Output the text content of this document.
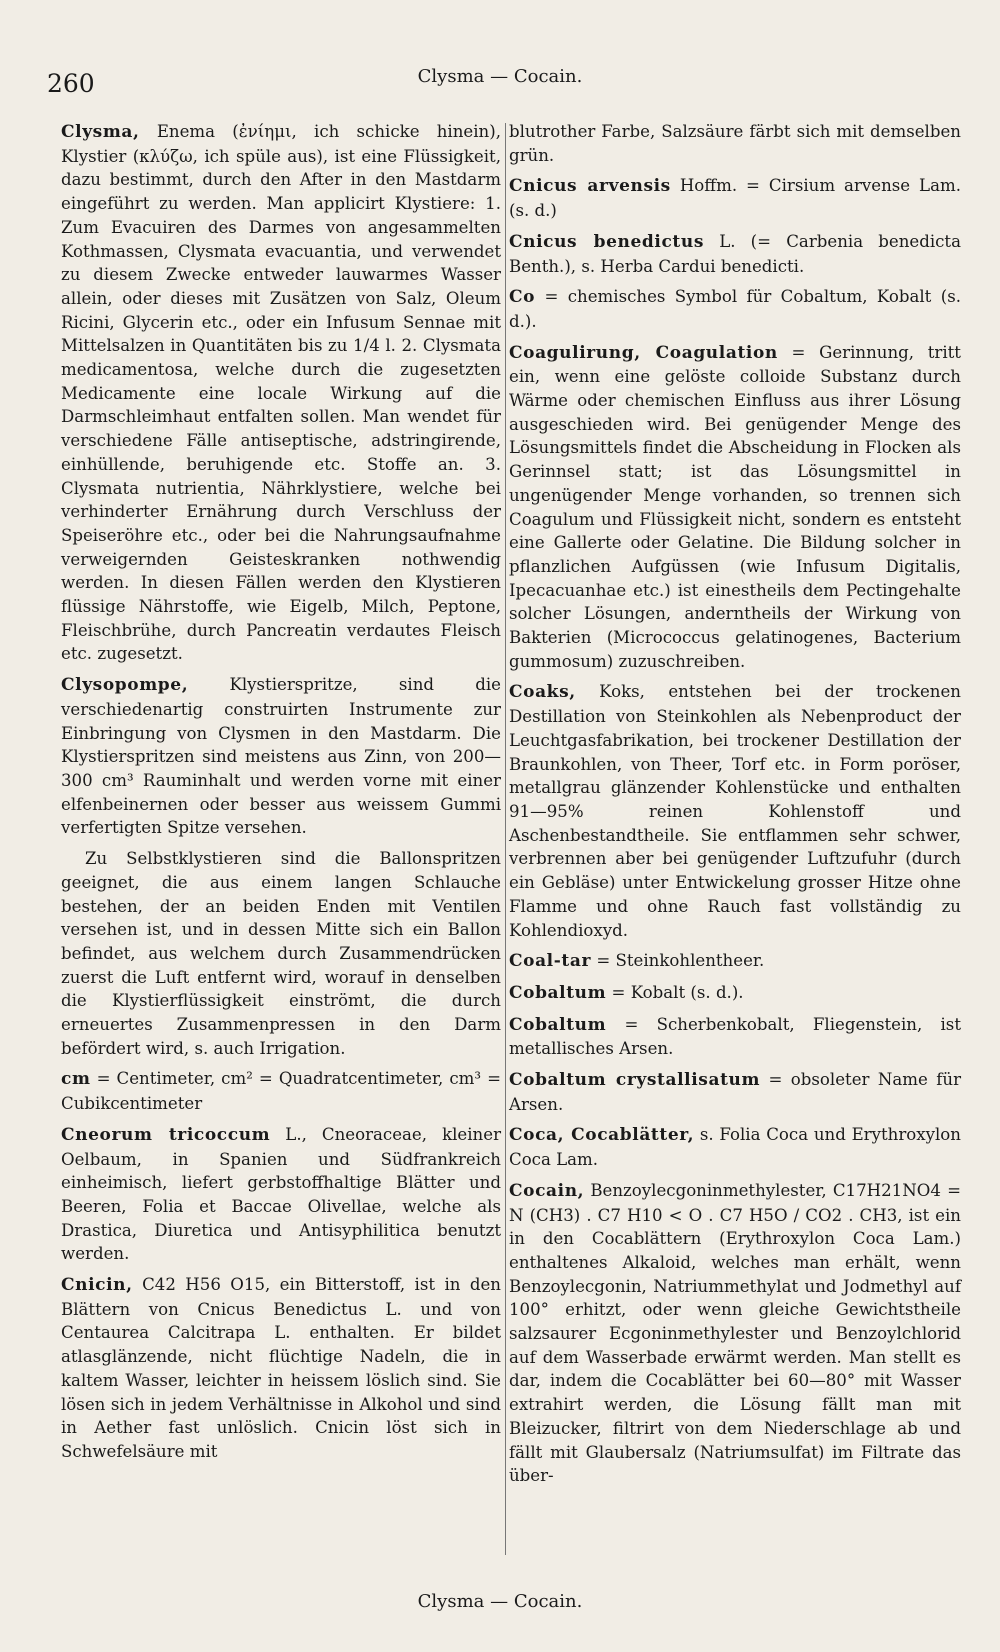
260	Clysma — Cocain.

Clysma, Enema (ἐνίημι, ich schicke hinein), Klystier (κλύζω, ich spüle aus), ist eine Flüssigkeit, dazu bestimmt, durch den After in den Mastdarm eingeführt zu werden. Man applicirt Klystiere: 1. Zum Evacuiren des Darmes von angesammelten Kothmassen, Clysmata evacuantia, und verwendet zu diesem Zwecke entweder lauwarmes Wasser allein, oder dieses mit Zusätzen von Salz, Oleum Ricini, Glycerin etc., oder ein Infusum Sennae mit Mittelsalzen in Quantitäten bis zu 1/4 l. 2. Clysmata medicamentosa, welche durch die zugesetzten Medicamente eine locale Wirkung auf die Darmschleimhaut entfalten sollen. Man wendet für verschiedene Fälle antiseptische, adstringirende, einhüllende, beruhigende etc. Stoffe an. 3. Clysmata nutrientia, Nährklystiere, welche bei verhinderter Ernährung durch Verschluss der Speiseröhre etc., oder bei die Nahrungsaufnahme verweigernden Geisteskranken nothwendig werden. In diesen Fällen werden den Klystieren flüssige Nährstoffe, wie Eigelb, Milch, Peptone, Fleischbrühe, durch Pancreatin verdautes Fleisch etc. zugesetzt.

Clysopompe, Klystierspritze, sind die verschiedenartig construirten Instrumente zur Einbringung von Clysmen in den Mastdarm. Die Klystierspritzen sind meistens aus Zinn, von 200—300 cm³ Rauminhalt und werden vorne mit einer elfenbeinernen oder besser aus weissem Gummi verfertigten Spitze versehen.

Zu Selbstklystieren sind die Ballonspritzen geeignet, die aus einem langen Schlauche bestehen, der an beiden Enden mit Ventilen versehen ist, und in dessen Mitte sich ein Ballon befindet, aus welchem durch Zusammendrücken zuerst die Luft entfernt wird, worauf in denselben die Klystierflüssigkeit einströmt, die durch erneuertes Zusammenpressen in den Darm befördert wird, s. auch Irrigation.

cm = Centimeter, cm² = Quadratcentimeter, cm³ = Cubikcentimeter

Cneorum tricoccum L., Cneoraceae, kleiner Oelbaum, in Spanien und Südfrankreich einheimisch, liefert gerbstoffhaltige Blätter und Beeren, Folia et Baccae Olivellae, welche als Drastica, Diuretica und Antisyphilitica benutzt werden.

Cnicin, C42 H56 O15, ein Bitterstoff, ist in den Blättern von Cnicus Benedictus L. und von Centaurea Calcitrapa L. enthalten. Er bildet atlasglänzende, nicht flüchtige Nadeln, die in kaltem Wasser, leichter in heissem löslich sind. Sie lösen sich in jedem Verhältnisse in Alkohol und sind in Aether fast unlöslich. Cnicin löst sich in Schwefelsäure mit

blutrother Farbe, Salzsäure färbt sich mit demselben grün.

Cnicus arvensis Hoffm. = Cirsium arvense Lam. (s. d.)

Cnicus benedictus L. (= Carbenia benedicta Benth.), s. Herba Cardui benedicti.

Co = chemisches Symbol für Cobaltum, Kobalt (s. d.).

Coagulirung, Coagulation = Gerinnung, tritt ein, wenn eine gelöste colloide Substanz durch Wärme oder chemischen Einfluss aus ihrer Lösung ausgeschieden wird. Bei genügender Menge des Lösungsmittels findet die Abscheidung in Flocken als Gerinnsel statt; ist das Lösungsmittel in ungenügender Menge vorhanden, so trennen sich Coagulum und Flüssigkeit nicht, sondern es entsteht eine Gallerte oder Gelatine. Die Bildung solcher in pflanzlichen Aufgüssen (wie Infusum Digitalis, Ipecacuanhae etc.) ist einestheils dem Pectingehalte solcher Lösungen, anderntheils der Wirkung von Bakterien (Micrococcus gelatinogenes, Bacterium gummosum) zuzuschreiben.

Coaks, Koks, entstehen bei der trockenen Destillation von Steinkohlen als Nebenproduct der Leuchtgasfabrikation, bei trockener Destillation der Braunkohlen, von Theer, Torf etc. in Form poröser, metallgrau glänzender Kohlenstücke und enthalten 91—95% reinen Kohlenstoff und Aschenbestandtheile. Sie entflammen sehr schwer, verbrennen aber bei genügender Luftzufuhr (durch ein Gebläse) unter Entwickelung grosser Hitze ohne Flamme und ohne Rauch fast vollständig zu Kohlendioxyd.

Coal-tar = Steinkohlentheer.

Cobaltum = Kobalt (s. d.).

Cobaltum = Scherbenkobalt, Fliegenstein, ist metallisches Arsen.

Cobaltum crystallisatum = obsoleter Name für Arsen.

Coca, Cocablätter, s. Folia Coca und Erythroxylon Coca Lam.

Cocain, Benzoylecgoninmethylester, C17H21NO4 = N (CH3) . C7 H10 < O . C7 H5O / CO2 . CH3, ist ein in den Cocablättern (Erythroxylon Coca Lam.) enthaltenes Alkaloid, welches man erhält, wenn Benzoylecgonin, Natriummethylat und Jodmethyl auf 100° erhitzt, oder wenn gleiche Gewichtstheile salzsaurer Ecgoninmethylester und Benzoylchlorid auf dem Wasserbade erwärmt werden. Man stellt es dar, indem die Cocablätter bei 60—80° mit Wasser extrahirt werden, die Lösung fällt man mit Bleizucker, filtrirt von dem Niederschlage ab und fällt mit Glaubersalz (Natriumsulfat) im Filtrate das über-

Clysma — Cocain.
